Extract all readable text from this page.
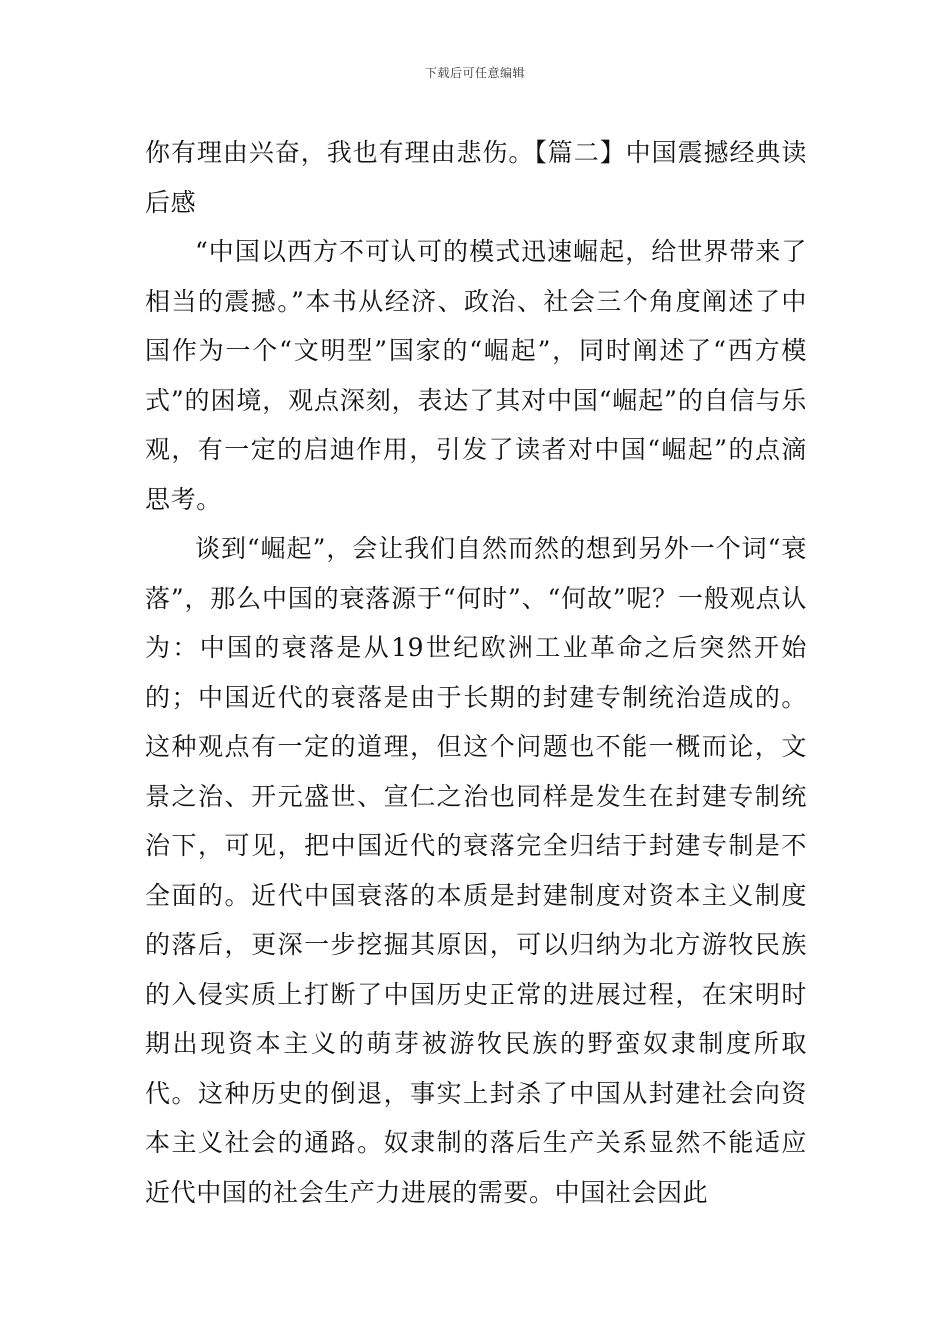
下载后可任意编辑

你有理由兴奋，我也有理由悲伤。【篇二】中国震撼经典读后感

“中国以西方不可认可的模式迅速崛起，给世界带来了相当的震撼。”本书从经济、政治、社会三个角度阐述了中国作为一个“文明型”国家的“崛起”，同时阐述了“西方模式”的困境，观点深刻，表达了其对中国“崛起”的自信与乐观，有一定的启迪作用，引发了读者对中国“崛起”的点滴思考。

谈到“崛起”，会让我们自然而然的想到另外一个词“衰落”，那么中国的衰落源于“何时”、“何故”呢？一般观点认为：中国的衰落是从19世纪欧洲工业革命之后突然开始的；中国近代的衰落是由于长期的封建专制统治造成的。这种观点有一定的道理，但这个问题也不能一概而论，文景之治、开元盛世、宣仁之治也同样是发生在封建专制统治下，可见，把中国近代的衰落完全归结于封建专制是不全面的。近代中国衰落的本质是封建制度对资本主义制度的落后，更深一步挖掘其原因，可以归纳为北方游牧民族的入侵实质上打断了中国历史正常的进展过程，在宋明时期出现资本主义的萌芽被游牧民族的野蛮奴隶制度所取代。这种历史的倒退，事实上封杀了中国从封建社会向资本主义社会的通路。奴隶制的落后生产关系显然不能适应近代中国的社会生产力进展的需要。中国社会因此
